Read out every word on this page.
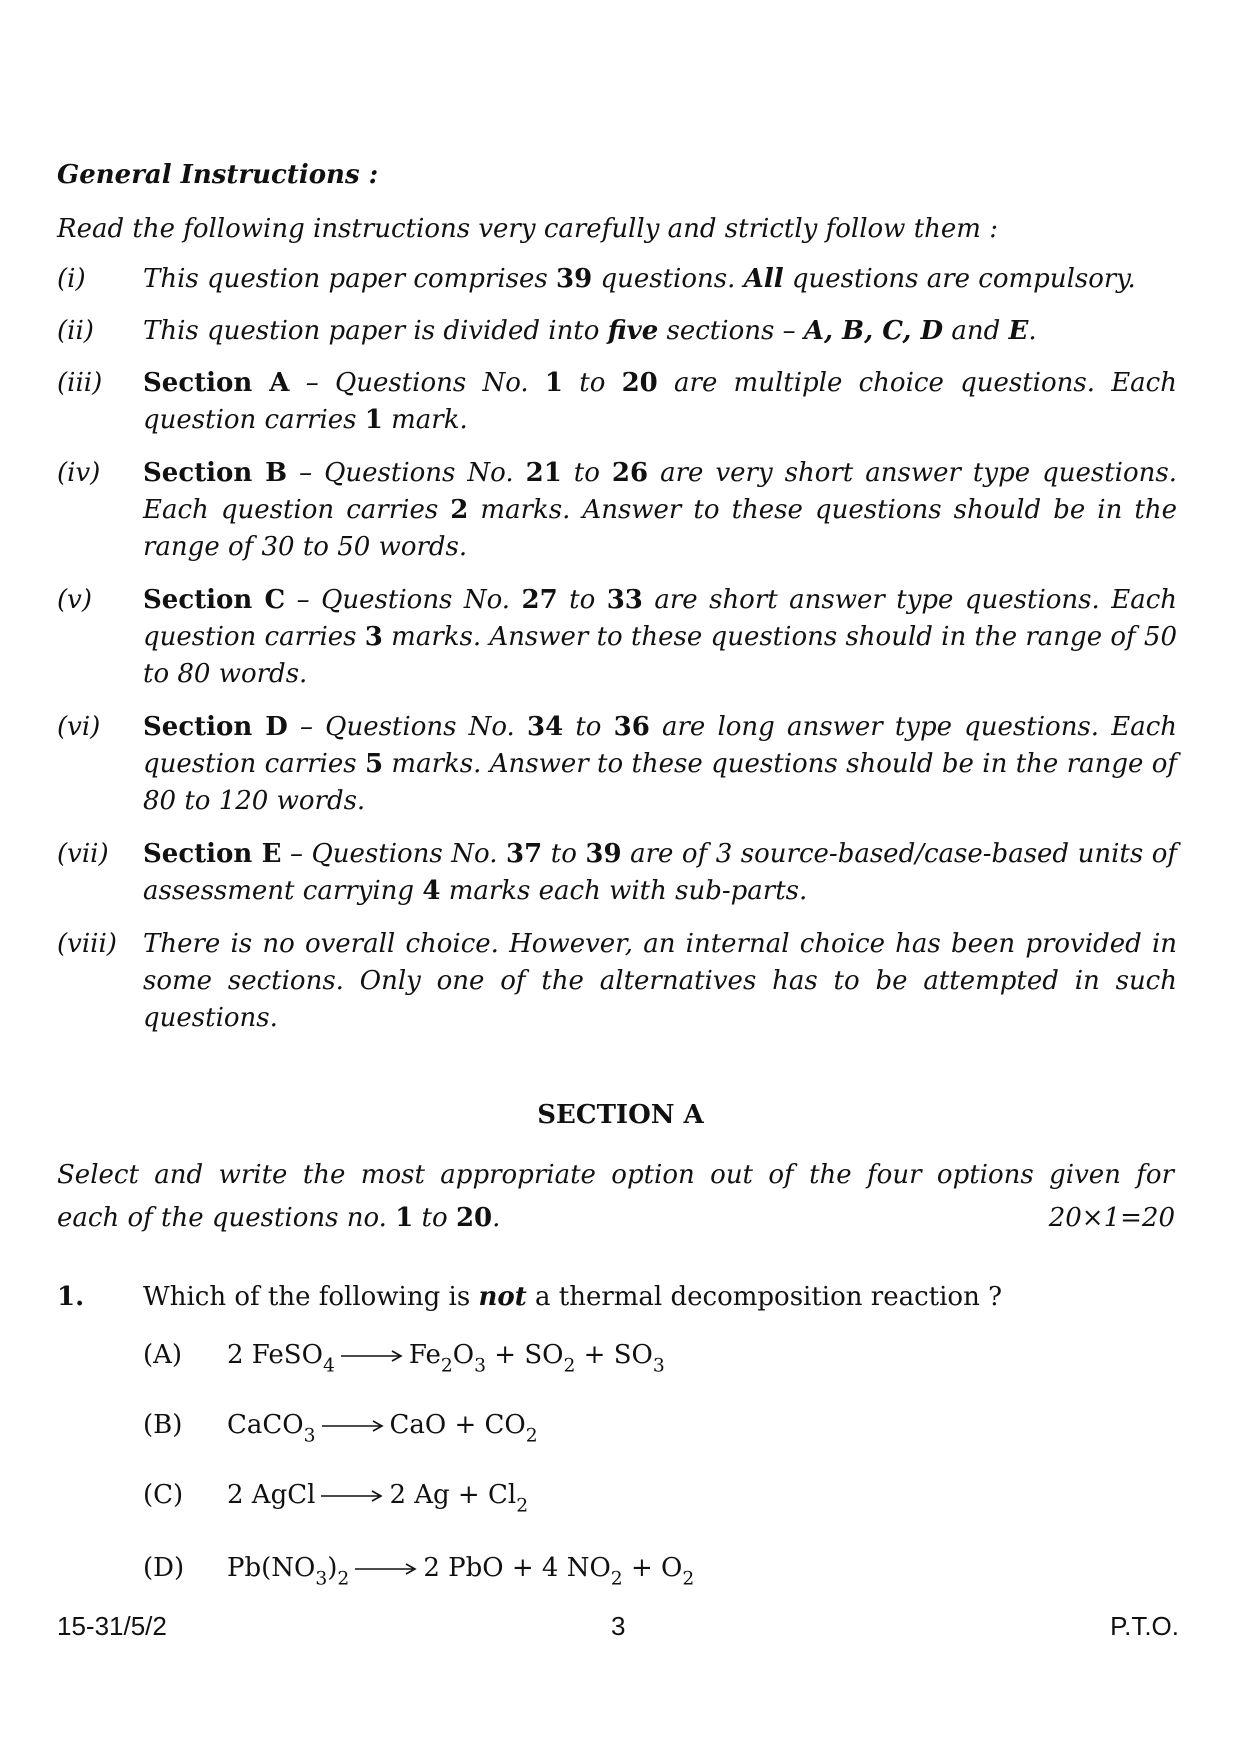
General Instructions :
Read the following instructions very carefully and strictly follow them :
(i) This question paper comprises 39 questions. All questions are compulsory.
(ii) This question paper is divided into five sections – A, B, C, D and E.
(iii) Section A – Questions No. 1 to 20 are multiple choice questions. Each question carries 1 mark.
(iv) Section B – Questions No. 21 to 26 are very short answer type questions. Each question carries 2 marks. Answer to these questions should be in the range of 30 to 50 words.
(v) Section C – Questions No. 27 to 33 are short answer type questions. Each question carries 3 marks. Answer to these questions should in the range of 50 to 80 words.
(vi) Section D – Questions No. 34 to 36 are long answer type questions. Each question carries 5 marks. Answer to these questions should be in the range of 80 to 120 words.
(vii) Section E – Questions No. 37 to 39 are of 3 source-based/case-based units of assessment carrying 4 marks each with sub-parts.
(viii) There is no overall choice. However, an internal choice has been provided in some sections. Only one of the alternatives has to be attempted in such questions.
SECTION A
Select and write the most appropriate option out of the four options given for
each of the questions no. 1 to 20.	20×1=20
1. Which of the following is not a thermal decomposition reaction ?
(A) 2 FeSO$_4$ → $Fe_2O_3 + SO_2 + SO_3$
(B) CaCO$_3$ → CaO + $CO_2$
(C) 2 AgCl → 2 $Ag + Cl_2$
(D) $Pb(NO_3)_2 \to 2$ PbO + 4 $NO_2 + O_2$
15-31/5/2	3	P.T.O.
